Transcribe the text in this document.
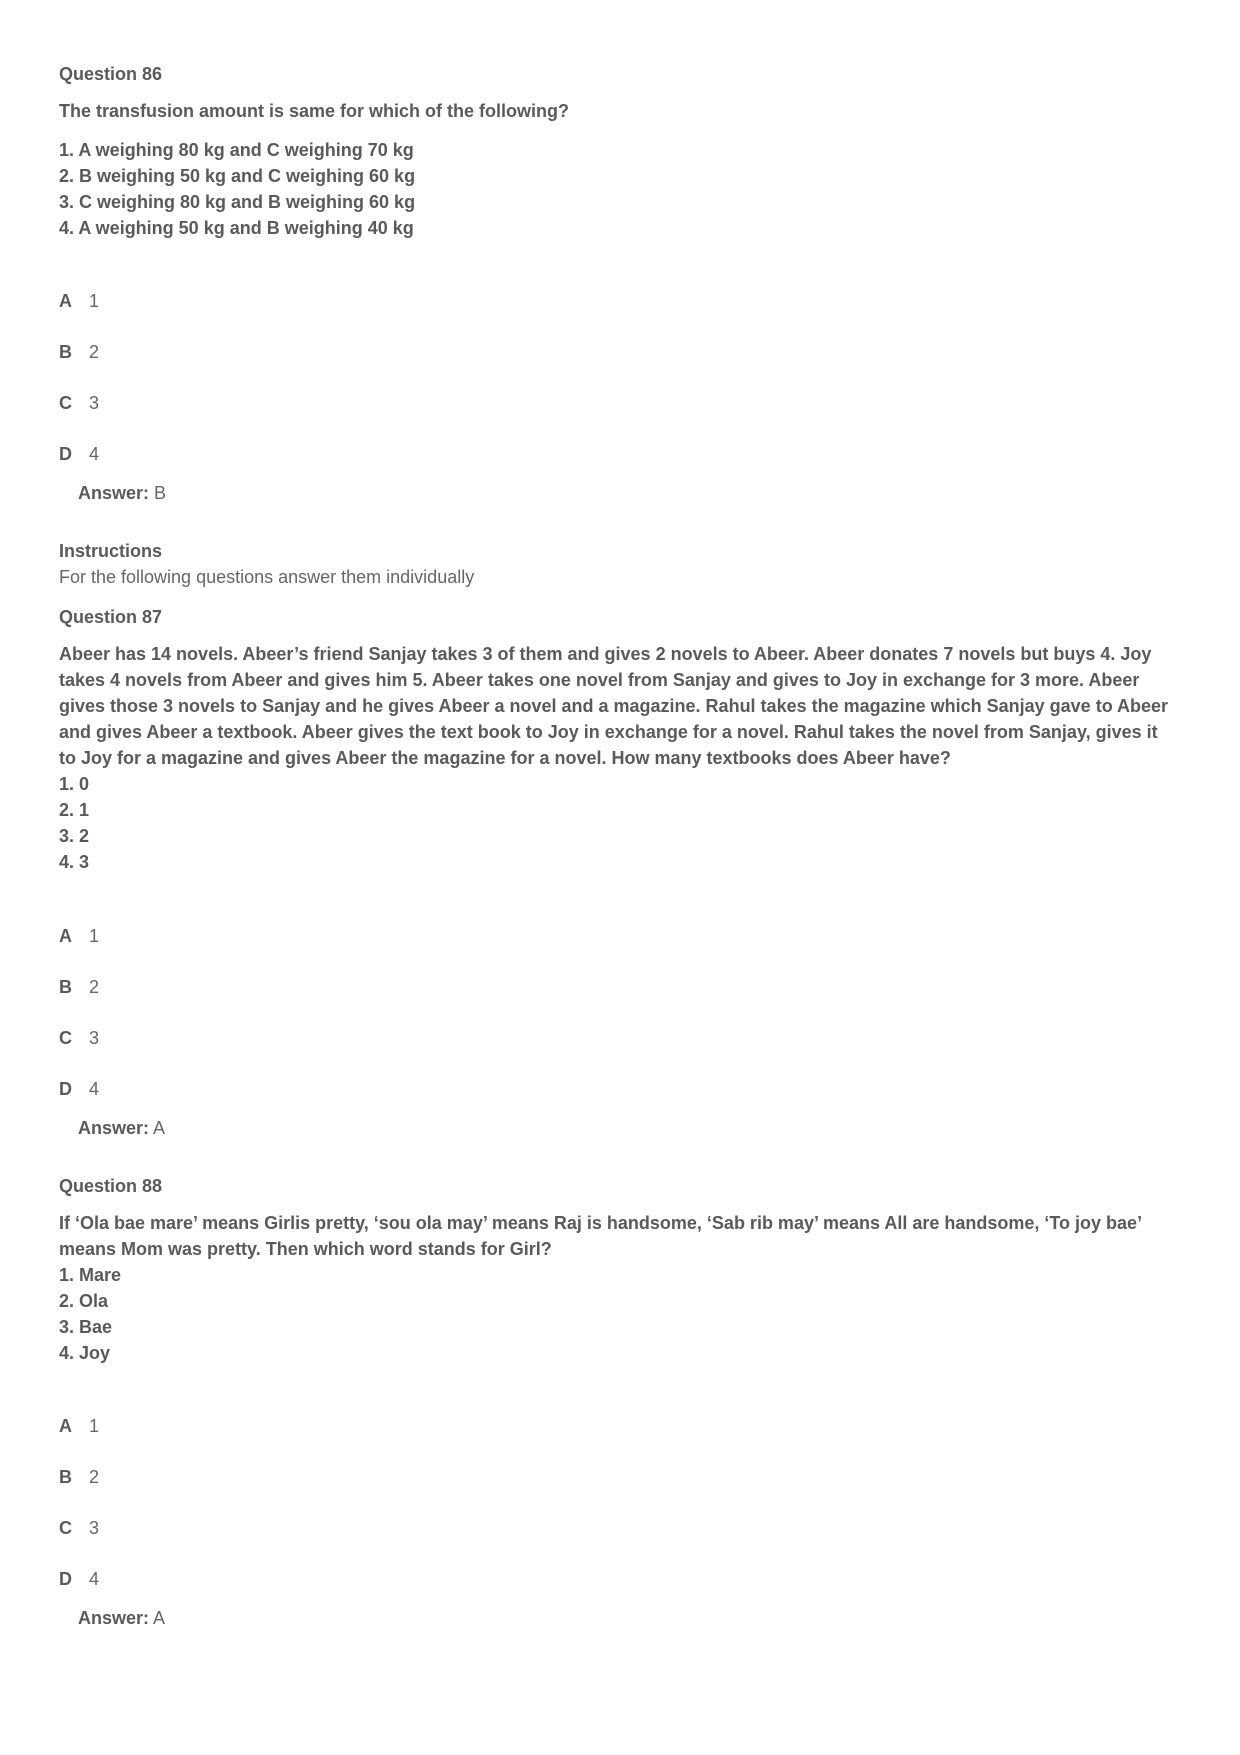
Question 86

The transfusion amount is same for which of the following?

1. A weighing 80 kg and C weighing 70 kg
2. B weighing 50 kg and C weighing 60 kg
3. C weighing 80 kg and B weighing 60 kg
4. A weighing 50 kg and B weighing 40 kg
A 1
B 2
C 3
D 4
Answer: B

Instructions

For the following questions answer them individually

Question 87

Abeer has 14 novels. Abeer’s friend Sanjay takes 3 of them and gives 2 novels to Abeer. Abeer donates 7 novels but buys 4. Joy takes 4 novels from Abeer and gives him 5. Abeer takes one novel from Sanjay and gives to Joy in exchange for 3 more. Abeer gives those 3 novels to Sanjay and he gives Abeer a novel and a magazine. Rahul takes the magazine which Sanjay gave to Abeer and gives Abeer a textbook. Abeer gives the text book to Joy in exchange for a novel. Rahul takes the novel from Sanjay, gives it to Joy for a magazine and gives Abeer the magazine for a novel. How many textbooks does Abeer have?

1. 0
2. 1
3. 2
4. 3
A 1
B 2
C 3
D 4
Answer: A

Question 88

If ‘Ola bae mare’ means Girlis pretty, ‘sou ola may’ means Raj is handsome, ‘Sab rib may’ means All are handsome, ‘To joy bae’ means Mom was pretty. Then which word stands for Girl?

1. Mare
2. Ola
3. Bae
4. Joy
A 1
B 2
C 3
D 4
Answer: A
